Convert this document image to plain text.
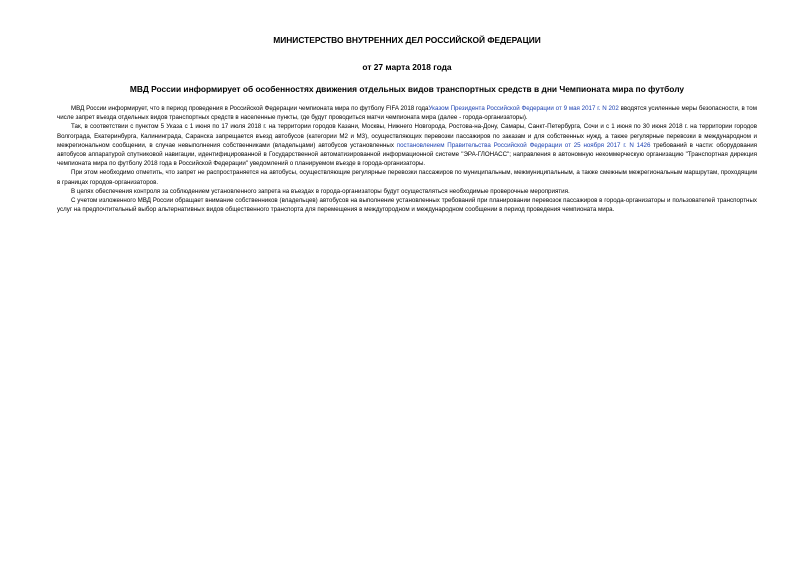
МИНИСТЕРСТВО ВНУТРЕННИХ ДЕЛ РОССИЙСКОЙ ФЕДЕРАЦИИ
от 27 марта 2018 года
МВД России информирует об особенностях движения отдельных видов транспортных средств в дни Чемпионата мира по футболу

МВД России информирует, что в период проведения в Российской Федерации чемпионата мира по футболу FIFA 2018 годаУказом Президента Российской Федерации от 9 мая 2017 г. N 202 вводятся усиленные меры безопасности, в том числе запрет въезда отдельных видов транспортных средств в населенные пункты, где будут проводиться матчи чемпионата мира (далее - города-организаторы).

Так, в соответствии с пунктом 5 Указа с 1 июня по 17 июля 2018 г. на территории городов Казани, Москвы, Нижнего Новгорода, Ростова-на-Дону, Самары, Санкт-Петербурга, Сочи и с 1 июня по 30 июня 2018 г. на территории городов Волгограда, Екатеринбурга, Калининграда, Саранска запрещается въезд автобусов (категории М2 и М3), осуществляющих перевозки пассажиров по заказам и для собственных нужд, а также регулярные перевозки в международном и межрегиональном сообщении, в случае невыполнения собственниками (владельцами) автобусов установленных постановлением Правительства Российской Федерации от 25 ноября 2017 г. N 1426 требований в части: оборудования автобусов аппаратурой спутниковой навигации, идентифицированной в Государственной автоматизированной информационной системе "ЭРА-ГЛОНАСС"; направления в автономную некоммерческую организацию "Транспортная дирекция чемпионата мира по футболу 2018 года в Российской Федерации" уведомлений о планируемом въезде в города-организаторы.

При этом необходимо отметить, что запрет не распространяется на автобусы, осуществляющие регулярные перевозки пассажиров по муниципальным, межмуниципальным, а также смежным межрегиональным маршрутам, проходящим в границах городов-организаторов.

В целях обеспечения контроля за соблюдением установленного запрета на въездах в города-организаторы будут осуществляться необходимые проверочные мероприятия.

С учетом изложенного МВД России обращает внимание собственников (владельцев) автобусов на выполнение установленных требований при планировании перевозок пассажиров в города-организаторы и пользователей транспортных услуг на предпочтительный выбор альтернативных видов общественного транспорта для перемещения в междугородном и международном сообщении в период проведения чемпионата мира.
